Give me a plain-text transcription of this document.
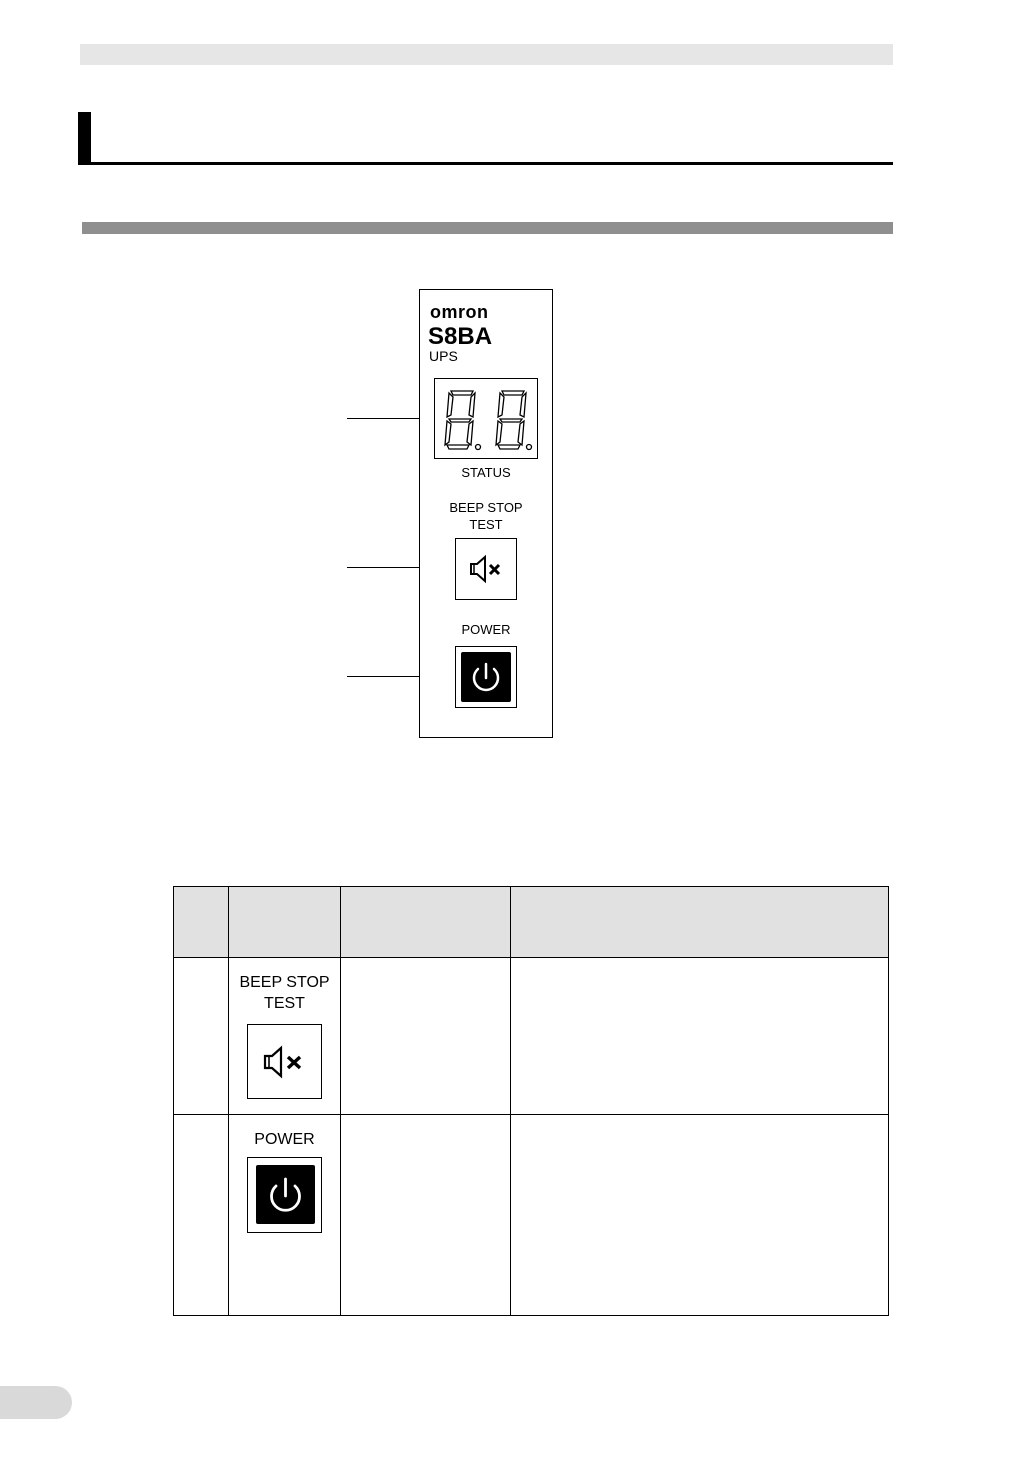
omron
S8BA
UPS
STATUS
BEEP STOP
TEST
POWER

	BEEP STOP
TEST		

	POWER		
